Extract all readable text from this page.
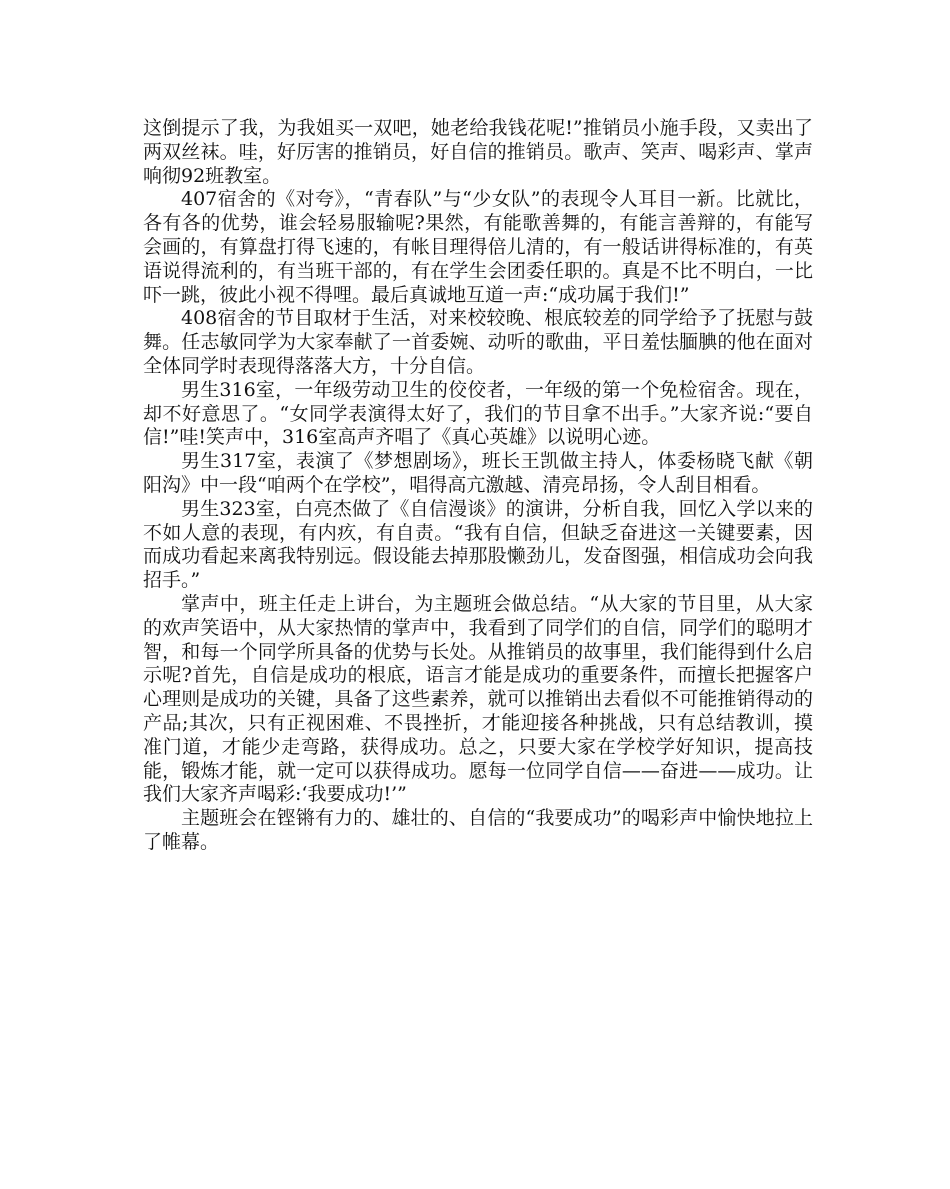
这倒提示了我，为我姐买一双吧，她老给我钱花呢!”推销员小施手段，又卖出了两双丝袜。哇，好厉害的推销员，好自信的推销员。歌声、笑声、喝彩声、掌声响彻92班教室。

407宿舍的《对夸》，“青春队”与“少女队”的表现令人耳目一新。比就比，各有各的优势，谁会轻易服输呢?果然，有能歌善舞的，有能言善辩的，有能写会画的，有算盘打得飞速的，有帐目理得倍儿清的，有一般话讲得标准的，有英语说得流利的，有当班干部的，有在学生会团委任职的。真是不比不明白，一比吓一跳，彼此小视不得哩。最后真诚地互道一声:“成功属于我们!”

408宿舍的节目取材于生活，对来校较晚、根底较差的同学给予了抚慰与鼓舞。任志敏同学为大家奉献了一首委婉、动听的歌曲，平日羞怯腼腆的他在面对全体同学时表现得落落大方，十分自信。

男生316室，一年级劳动卫生的佼佼者，一年级的第一个免检宿舍。现在，却不好意思了。“女同学表演得太好了，我们的节目拿不出手。”大家齐说:“要自信!”哇!笑声中，316室高声齐唱了《真心英雄》以说明心迹。

男生317室，表演了《梦想剧场》，班长王凯做主持人，体委杨晓飞献《朝阳沟》中一段“咱两个在学校”，唱得高亢激越、清亮昂扬，令人刮目相看。

男生323室，白亮杰做了《自信漫谈》的演讲，分析自我，回忆入学以来的不如人意的表现，有内疚，有自责。“我有自信，但缺乏奋进这一关键要素，因而成功看起来离我特别远。假设能去掉那股懒劲儿，发奋图强，相信成功会向我招手。”

掌声中，班主任走上讲台，为主题班会做总结。“从大家的节目里，从大家的欢声笑语中，从大家热情的掌声中，我看到了同学们的自信，同学们的聪明才智，和每一个同学所具备的优势与长处。从推销员的故事里，我们能得到什么启示呢?首先，自信是成功的根底，语言才能是成功的重要条件，而擅长把握客户心理则是成功的关键，具备了这些素养，就可以推销出去看似不可能推销得动的产品;其次，只有正视困难、不畏挫折，才能迎接各种挑战，只有总结教训，摸准门道，才能少走弯路，获得成功。总之，只要大家在学校学好知识，提高技能，锻炼才能，就一定可以获得成功。愿每一位同学自信——奋进——成功。让我们大家齐声喝彩:‘我要成功!’”

主题班会在铿锵有力的、雄壮的、自信的“我要成功”的喝彩声中愉快地拉上了帷幕。
